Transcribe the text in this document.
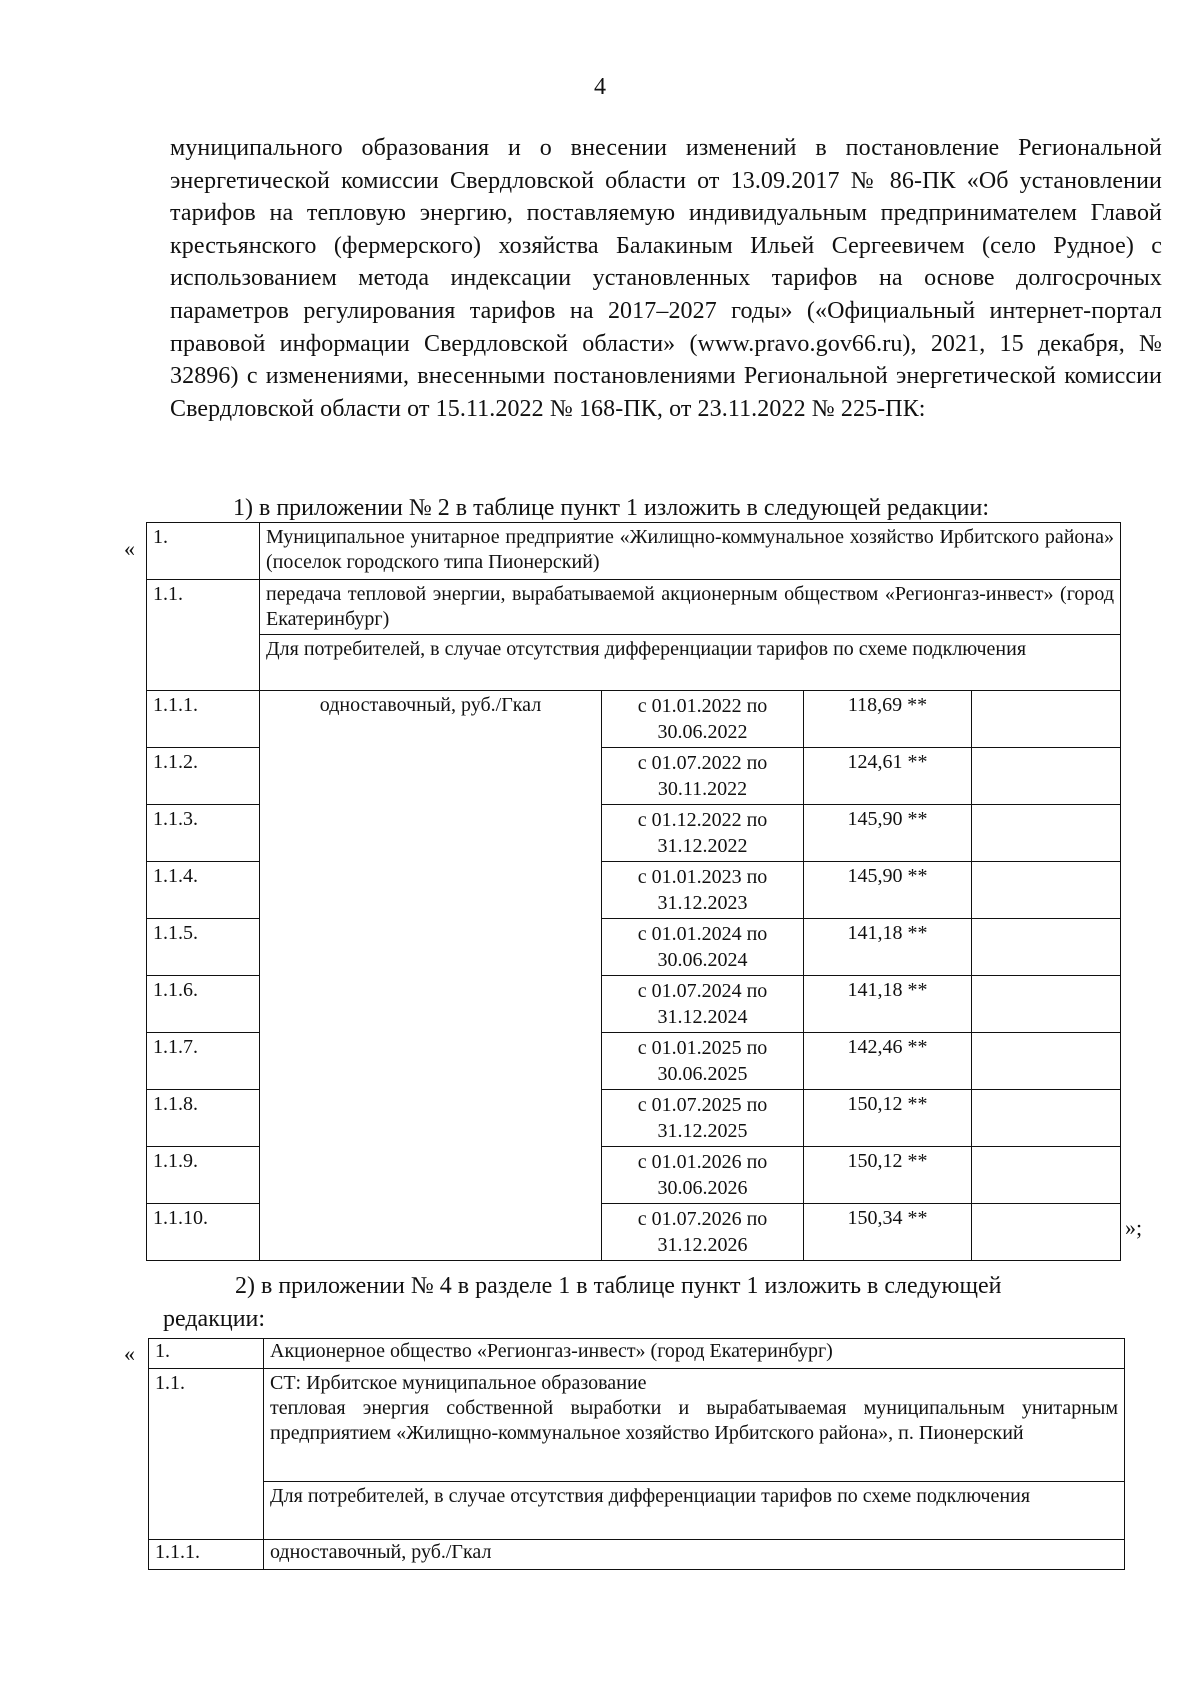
4

муниципального образования и о внесении изменений в постановление Региональной энергетической комиссии Свердловской области от 13.09.2017 № 86-ПК «Об установлении тарифов на тепловую энергию, поставляемую индивидуальным предпринимателем Главой крестьянского (фермерского) хозяйства Балакиным Ильей Сергеевичем (село Рудное) с использованием метода индексации установленных тарифов на основе долгосрочных параметров регулирования тарифов на 2017–2027 годы» («Официальный интернет-портал правовой информации Свердловской области» (www.pravo.gov66.ru), 2021, 15 декабря, № 32896) с изменениями, внесенными постановлениями Региональной энергетической комиссии Свердловской области от 15.11.2022 № 168-ПК, от 23.11.2022 № 225-ПК:

1) в приложении № 2 в таблице пункт 1 изложить в следующей редакции:

« 1.	Муниципальное унитарное предприятие «Жилищно-коммунальное хозяйство Ирбитского района» (поселок городского типа Пионерский)			
1.1.	передача тепловой энергии, вырабатываемой акционерным обществом «Регионгаз-инвест» (город Екатеринбург)			
	Для потребителей, в случае отсутствия дифференциации тарифов по схеме подключения			
1.1.1.	одноставочный, руб./Гкал	с 01.01.2022 по 30.06.2022	118,69 **	
1.1.2.		с 01.07.2022 по 30.11.2022	124,61 **	
1.1.3.		с 01.12.2022 по 31.12.2022	145,90 **	
1.1.4.		с 01.01.2023 по 31.12.2023	145,90 **	
1.1.5.		с 01.01.2024 по 30.06.2024	141,18 **	
1.1.6.		с 01.07.2024 по 31.12.2024	141,18 **	
1.1.7.		с 01.01.2025 по 30.06.2025	142,46 **	
1.1.8.		с 01.07.2025 по 31.12.2025	150,12 **	
1.1.9.		с 01.01.2026 по 30.06.2026	150,12 **	
1.1.10.		с 01.07.2026 по 31.12.2026	150,34 **		»;

2) в приложении № 4 в разделе 1 в таблице пункт 1 изложить в следующей

редакции:

« 1.	Акционерное общество «Регионгаз-инвест» (город Екатеринбург)
1.1.	СТ: Ирбитское муниципальное образование
тепловая энергия собственной выработки и вырабатываемая муниципальным унитарным предприятием «Жилищно-коммунальное хозяйство Ирбитского района», п. Пионерский

	Для потребителей, в случае отсутствия дифференциации тарифов по схеме подключения
1.1.1.	одноставочный, руб./Гкал
